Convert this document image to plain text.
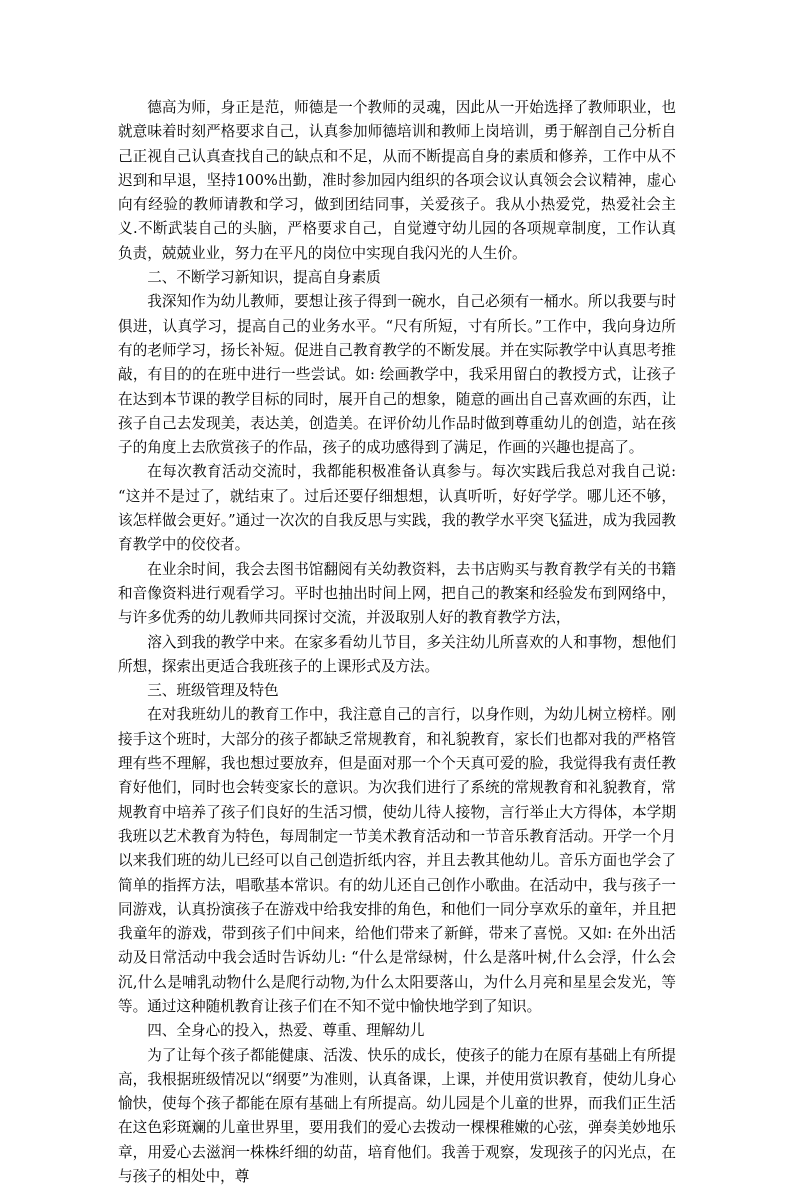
德高为师，身正是范，师德是一个教师的灵魂，因此从一开始选择了教师职业，也就意味着时刻严格要求自己，认真参加师德培训和教师上岗培训，勇于解剖自己分析自己正视自己认真查找自己的缺点和不足，从而不断提高自身的素质和修养，工作中从不迟到和早退，坚持100%出勤，准时参加园内组织的各项会议认真领会会议精神，虚心向有经验的教师请教和学习，做到团结同事，关爱孩子。我从小热爱党，热爱社会主义.不断武装自己的头脑，严格要求自己，自觉遵守幼儿园的各项规章制度，工作认真负责，兢兢业业，努力在平凡的岗位中实现自我闪光的人生价。

二、不断学习新知识，提高自身素质

我深知作为幼儿教师，要想让孩子得到一碗水，自己必须有一桶水。所以我要与时俱进，认真学习，提高自己的业务水平。“尺有所短，寸有所长。”工作中，我向身边所有的老师学习，扬长补短。促进自己教育教学的不断发展。并在实际教学中认真思考推敲，有目的的在班中进行一些尝试。如: 绘画教学中，我采用留白的教授方式，让孩子在达到本节课的教学目标的同时，展开自己的想象，随意的画出自己喜欢画的东西，让孩子自己去发现美，表达美，创造美。在评价幼儿作品时做到尊重幼儿的创造，站在孩子的角度上去欣赏孩子的作品，孩子的成功感得到了满足，作画的兴趣也提高了。

在每次教育活动交流时，我都能积极准备认真参与。每次实践后我总对我自己说: “这并不是过了，就结束了。过后还要仔细想想，认真听听，好好学学。哪儿还不够，该怎样做会更好。”通过一次次的自我反思与实践，我的教学水平突飞猛进，成为我园教育教学中的佼佼者。

在业余时间，我会去图书馆翻阅有关幼教资料，去书店购买与教育教学有关的书籍和音像资料进行观看学习。平时也抽出时间上网，把自己的教案和经验发布到网络中，与许多优秀的幼儿教师共同探讨交流，并汲取别人好的教育教学方法，

溶入到我的教学中来。在家多看幼儿节目，多关注幼儿所喜欢的人和事物，想他们所想，探索出更适合我班孩子的上课形式及方法。

三、班级管理及特色

在对我班幼儿的教育工作中，我注意自己的言行，以身作则，为幼儿树立榜样。刚接手这个班时，大部分的孩子都缺乏常规教育，和礼貌教育，家长们也都对我的严格管理有些不理解，我也想过要放弃，但是面对那一个个天真可爱的脸，我觉得我有责任教育好他们，同时也会转变家长的意识。为次我们进行了系统的常规教育和礼貌教育，常规教育中培养了孩子们良好的生活习惯，使幼儿待人接物，言行举止大方得体，本学期我班以艺术教育为特色，每周制定一节美术教育活动和一节音乐教育活动。开学一个月以来我们班的幼儿已经可以自己创造折纸内容，并且去教其他幼儿。音乐方面也学会了简单的指挥方法，唱歌基本常识。有的幼儿还自己创作小歌曲。在活动中，我与孩子一同游戏，认真扮演孩子在游戏中给我安排的角色，和他们一同分享欢乐的童年，并且把我童年的游戏，带到孩子们中间来，给他们带来了新鲜，带来了喜悦。又如: 在外出活动及日常活动中我会适时告诉幼儿: “什么是常绿树，什么是落叶树,什么会浮，什么会沉,什么是哺乳动物什么是爬行动物,为什么太阳要落山，为什么月亮和星星会发光，等等。通过这种随机教育让孩子们在不知不觉中愉快地学到了知识。

四、全身心的投入，热爱、尊重、理解幼儿

为了让每个孩子都能健康、活泼、快乐的成长，使孩子的能力在原有基础上有所提高，我根据班级情况以“纲要”为准则，认真备课，上课，并使用赏识教育，使幼儿身心愉快，使每个孩子都能在原有基础上有所提高。幼儿园是个儿童的世界，而我们正生活在这色彩斑斓的儿童世界里，要用我们的爱心去拨动一棵棵稚嫩的心弦，弹奏美妙地乐章，用爱心去滋润一株株纤细的幼苗，培育他们。我善于观察，发现孩子的闪光点，在与孩子的相处中，尊
